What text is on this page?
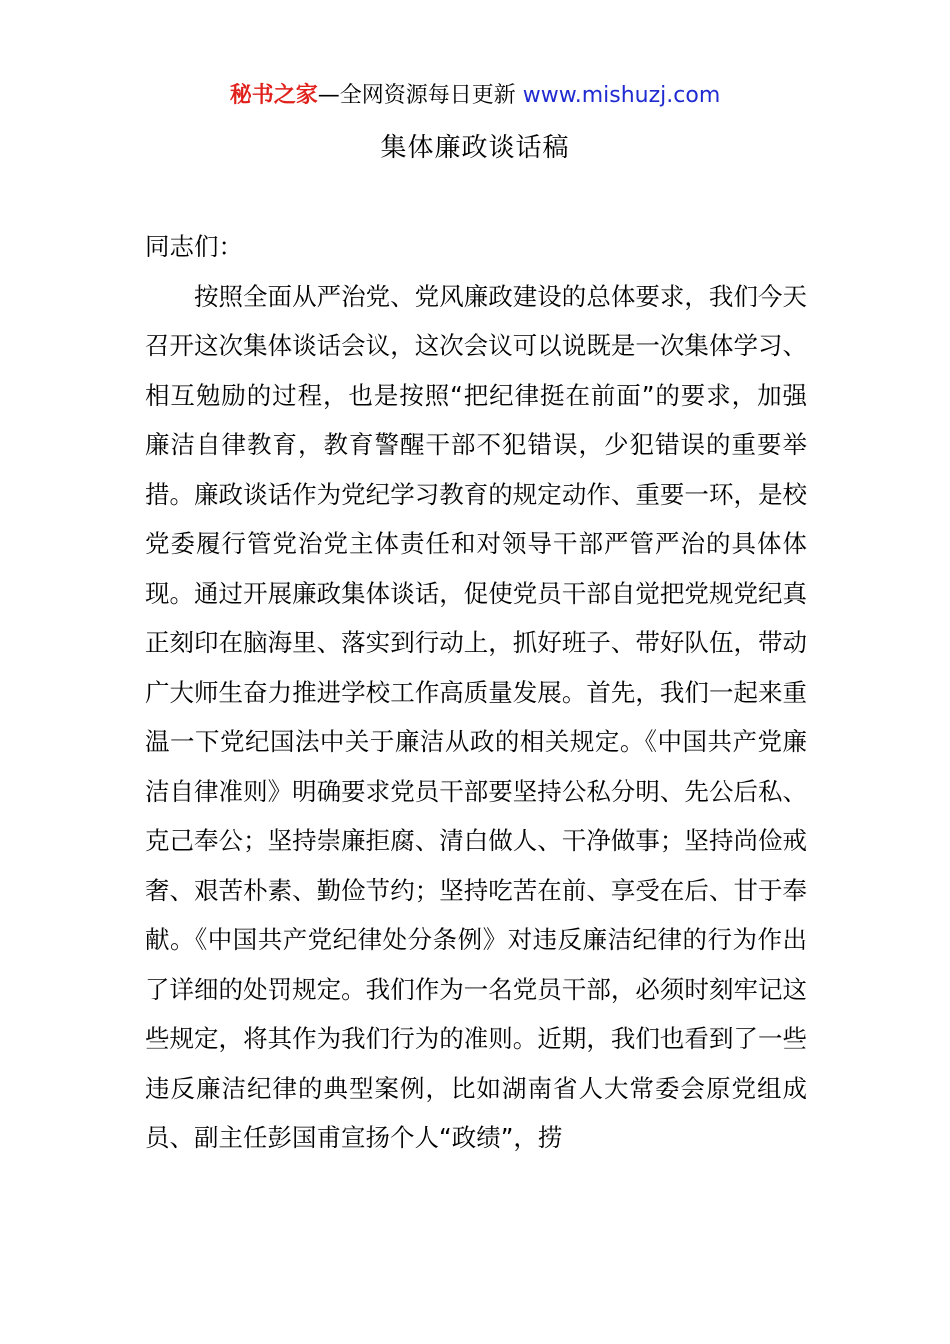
秘书之家—全网资源每日更新 www.mishuzj.com
集体廉政谈话稿

同志们：

按照全面从严治党、党风廉政建设的总体要求，我们今天召开这次集体谈话会议，这次会议可以说既是一次集体学习、相互勉励的过程，也是按照“把纪律挺在前面”的要求，加强廉洁自律教育，教育警醒干部不犯错误，少犯错误的重要举措。廉政谈话作为党纪学习教育的规定动作、重要一环，是校党委履行管党治党主体责任和对领导干部严管严治的具体体现。通过开展廉政集体谈话，促使党员干部自觉把党规党纪真正刻印在脑海里、落实到行动上，抓好班子、带好队伍，带动广大师生奋力推进学校工作高质量发展。首先，我们一起来重温一下党纪国法中关于廉洁从政的相关规定。《中国共产党廉洁自律准则》明确要求党员干部要坚持公私分明、先公后私、克己奉公；坚持崇廉拒腐、清白做人、干净做事；坚持尚俭戒奢、艰苦朴素、勤俭节约；坚持吃苦在前、享受在后、甘于奉献。《中国共产党纪律处分条例》对违反廉洁纪律的行为作出了详细的处罚规定。我们作为一名党员干部，必须时刻牢记这些规定，将其作为我们行为的准则。近期，我们也看到了一些违反廉洁纪律的典型案例，比如湖南省人大常委会原党组成员、副主任彭国甫宣扬个人“政绩”，捞
